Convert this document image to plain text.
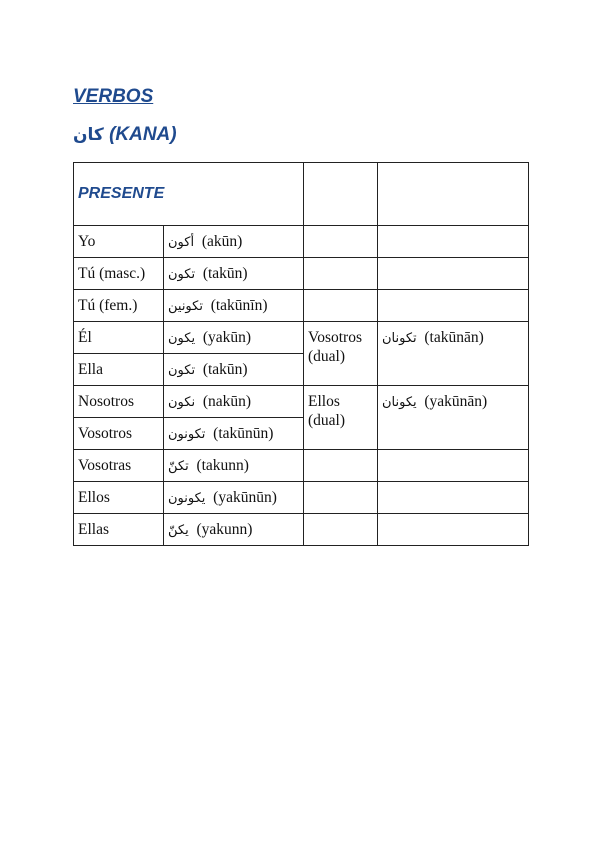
VERBOS
كان (KANA)
PRESENTE			
Yo	أكون (akūn)		
Tú (masc.)	تكون (takūn)		
Tú (fem.)	تكونين (takūnīn)		
Él	يكون (yakūn)	Vosotros (dual)	تكونان (takūnān)
Ella	تكون (takūn)		
Nosotros	نكون (nakūn)	Ellos (dual)	يكونان (yakūnān)
Vosotros	تكونون (takūnūn)		
Vosotras	تكنّ (takunn)		
Ellos	يكونون (yakūnūn)		
Ellas	يكنّ (yakunn)		
